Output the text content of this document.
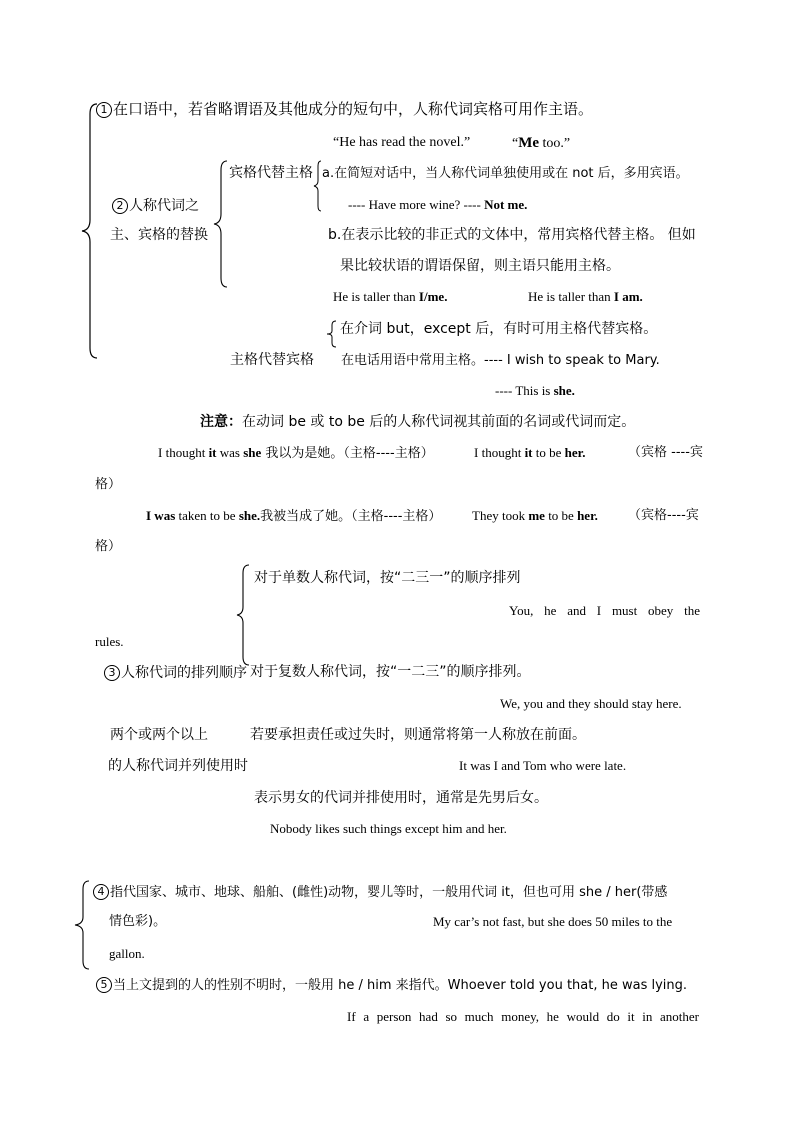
1 在口语中，若省略谓语及其他成分的短句中，人称代词宾格可用作主语。
“He has read the novel.”	“Me too.”
2 人称代词之
主、宾格的替换
宾格代替主格 a.在简短对话中，当人称代词单独使用或在 not 后，多用宾语。
---- Have more wine? ---- Not me.
b.在表示比较的非正式的文体中，常用宾格代替主格。 但如
果比较状语的谓语保留，则主语只能用主格。
He is taller than I/me.	He is taller than I am.
在介词 but，except 后，有时可用主格代替宾格。
主格代替宾格 在电话用语中常用主格。---- I wish to speak to Mary.
---- This is she.
注意：在动词 be 或 to be 后的人称代词视其前面的名词或代词而定。
I thought it was she 我以为是她。（主格----主格）	I thought it to be her.	（宾格 ----宾
格）
I was taken to be she.我被当成了她。（主格----主格） They took me to be her. （宾格----宾
格）
对于单数人称代词，按“二三一”的顺序排列
You, he and I must obey the
rules.
3 人称代词的排列顺序 对于复数人称代词，按“一二三”的顺序排列。
We, you and they should stay here.
两个或两个以上	若要承担责任或过失时，则通常将第一人称放在前面。
的人称代词并列使用时	It was I and Tom who were late.
表示男女的代词并排使用时，通常是先男后女。
Nobody likes such things except him and her.
4 指代国家、城市、地球、船舶、(雌性)动物，婴儿等时，一般用代词 it，但也可用 she / her(带感
情色彩)。	My car’s not fast, but she does 50 miles to the
gallon.
5 当上文提到的人的性别不明时，一般用 he / him 来指代。Whoever told you that, he was lying.
If a person had so much money, he would do it in another
